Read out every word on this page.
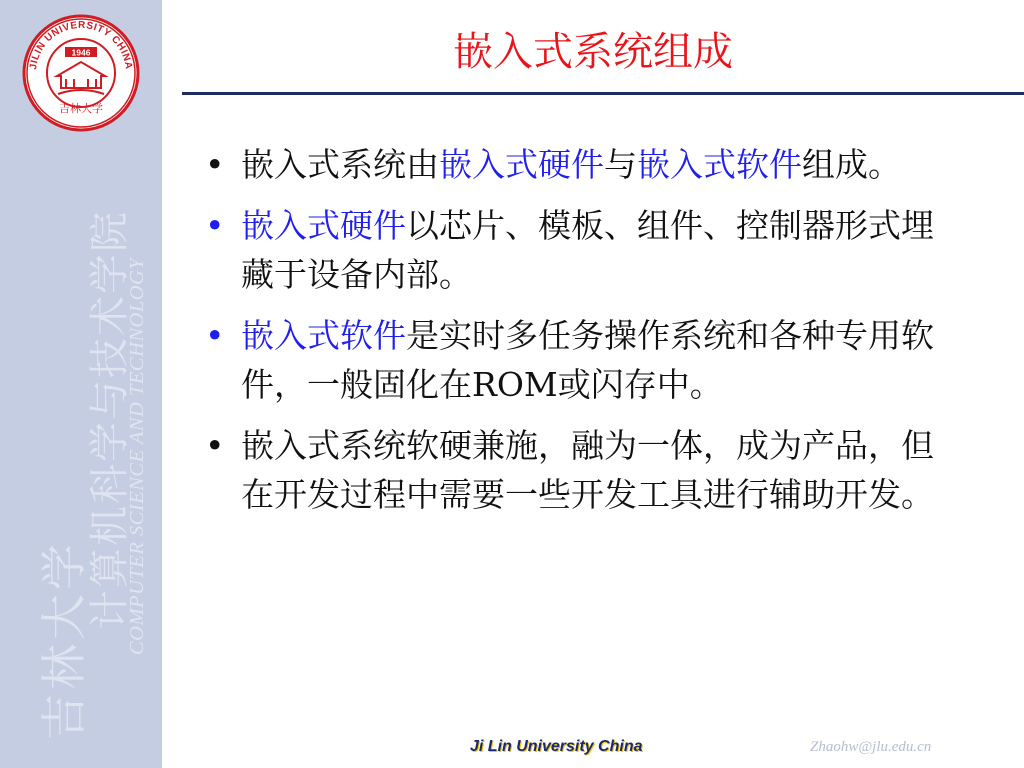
JILIN UNIVERSITY CHINA
1946
吉林大学
吉林大学
计算机科学与技术学院
COMPUTER SCIENCE AND TECHNOLOGY
嵌入式系统组成
• 嵌入式系统由嵌入式硬件与嵌入式软件组成。
• 嵌入式硬件以芯片、模板、组件、控制器形式埋藏于设备内部。
• 嵌入式软件是实时多任务操作系统和各种专用软件，一般固化在ROM或闪存中。
• 嵌入式系统软硬兼施，融为一体，成为产品，但在开发过程中需要一些开发工具进行辅助开发。
Ji Lin University China	Zhaohw@jlu.edu.cn
